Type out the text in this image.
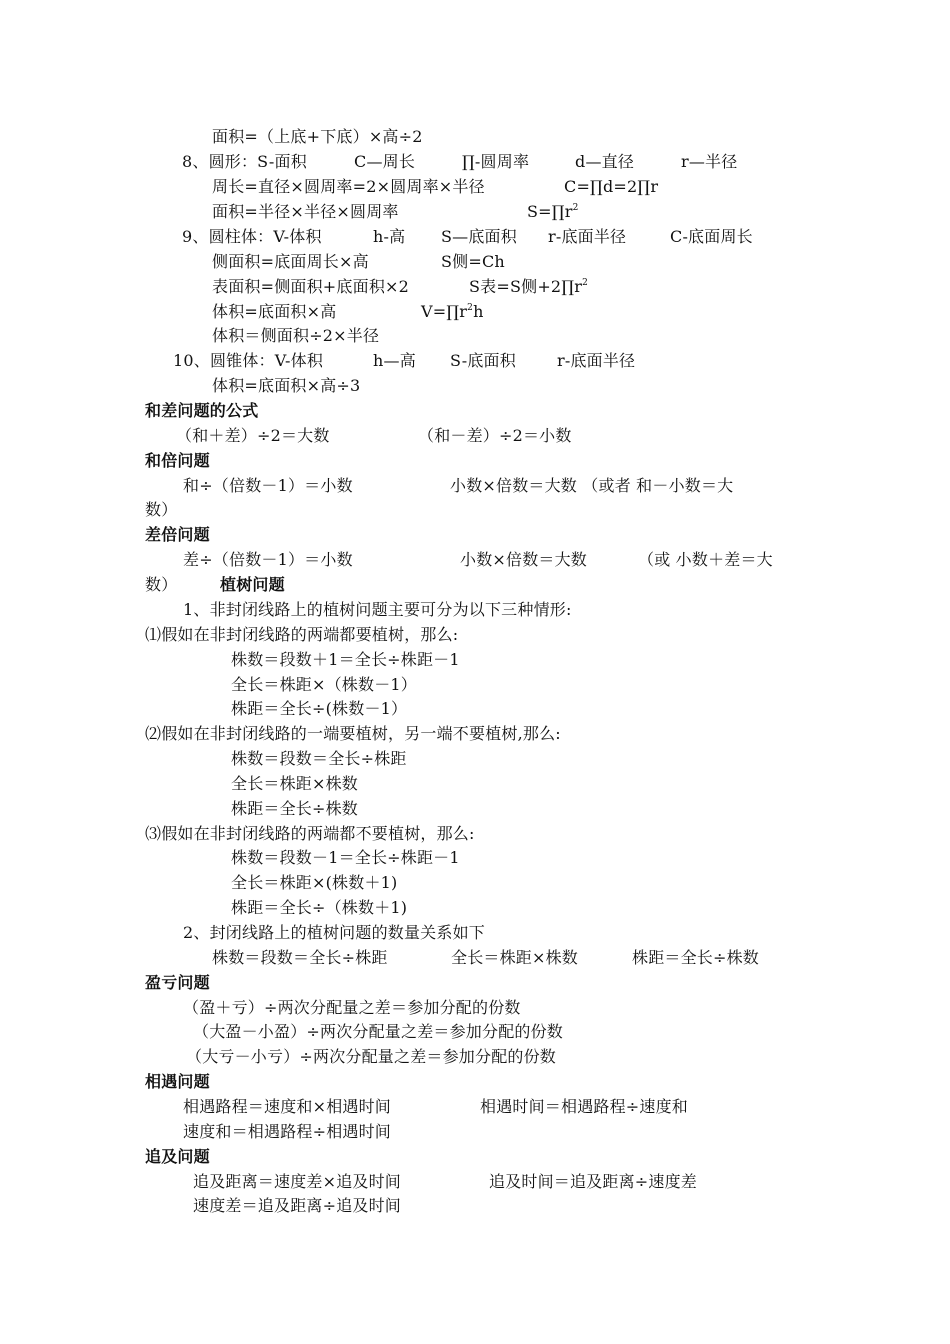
面积=（上底+下底）×高÷2
8、圆形：S-面积	C—周长	∏-圆周率	d—直径	r—半径
周长=直径×圆周率=2×圆周率×半径	C=∏d=2∏r
面积=半径×半径×圆周率	$S=\prod r^2$
9、圆柱体：V-体积	h-高 S—底面积 r-底面半径	C-底面周长
侧面积=底面周长×高	S侧=Ch
表面积=侧面积+底面积×2	S表=S侧$+2\prod r^2$
体积=底面积×高	$V=\prod r^2h$
体积＝侧面积÷2×半径
10、圆锥体：V-体积	h—高 S-底面积	r-底面半径
体积=底面积×高÷3
和差问题的公式
（和＋差）÷2＝大数	（和－差）÷2＝小数
和倍问题
和÷（倍数－1）＝小数	小数×倍数＝大数 （或者 和－小数＝大
数）
差倍问题
差÷（倍数－1）＝小数	小数×倍数＝大数	（或 小数＋差＝大
数）	植树问题
1、非封闭线路上的植树问题主要可分为以下三种情形:
⑴假如在非封闭线路的两端都要植树，那么:
株数＝段数＋1＝全长÷株距－1
全长＝株距×（株数－1）
株距＝全长÷(株数－1）
⑵假如在非封闭线路的一端要植树，另一端不要植树,那么:
株数＝段数＝全长÷株距
全长＝株距×株数
株距＝全长÷株数
⑶假如在非封闭线路的两端都不要植树，那么:
株数＝段数－1＝全长÷株距－1
全长＝株距×(株数＋1)
株距＝全长÷（株数＋1)
2、封闭线路上的植树问题的数量关系如下
株数＝段数＝全长÷株距	全长＝株距×株数	株距＝全长÷株数
盈亏问题
（盈＋亏）÷两次分配量之差＝参加分配的份数
（大盈－小盈）÷两次分配量之差＝参加分配的份数
（大亏－小亏）÷两次分配量之差＝参加分配的份数
相遇问题
相遇路程＝速度和×相遇时间	相遇时间＝相遇路程÷速度和
速度和＝相遇路程÷相遇时间
追及问题
追及距离＝速度差×追及时间	追及时间＝追及距离÷速度差
速度差＝追及距离÷追及时间
